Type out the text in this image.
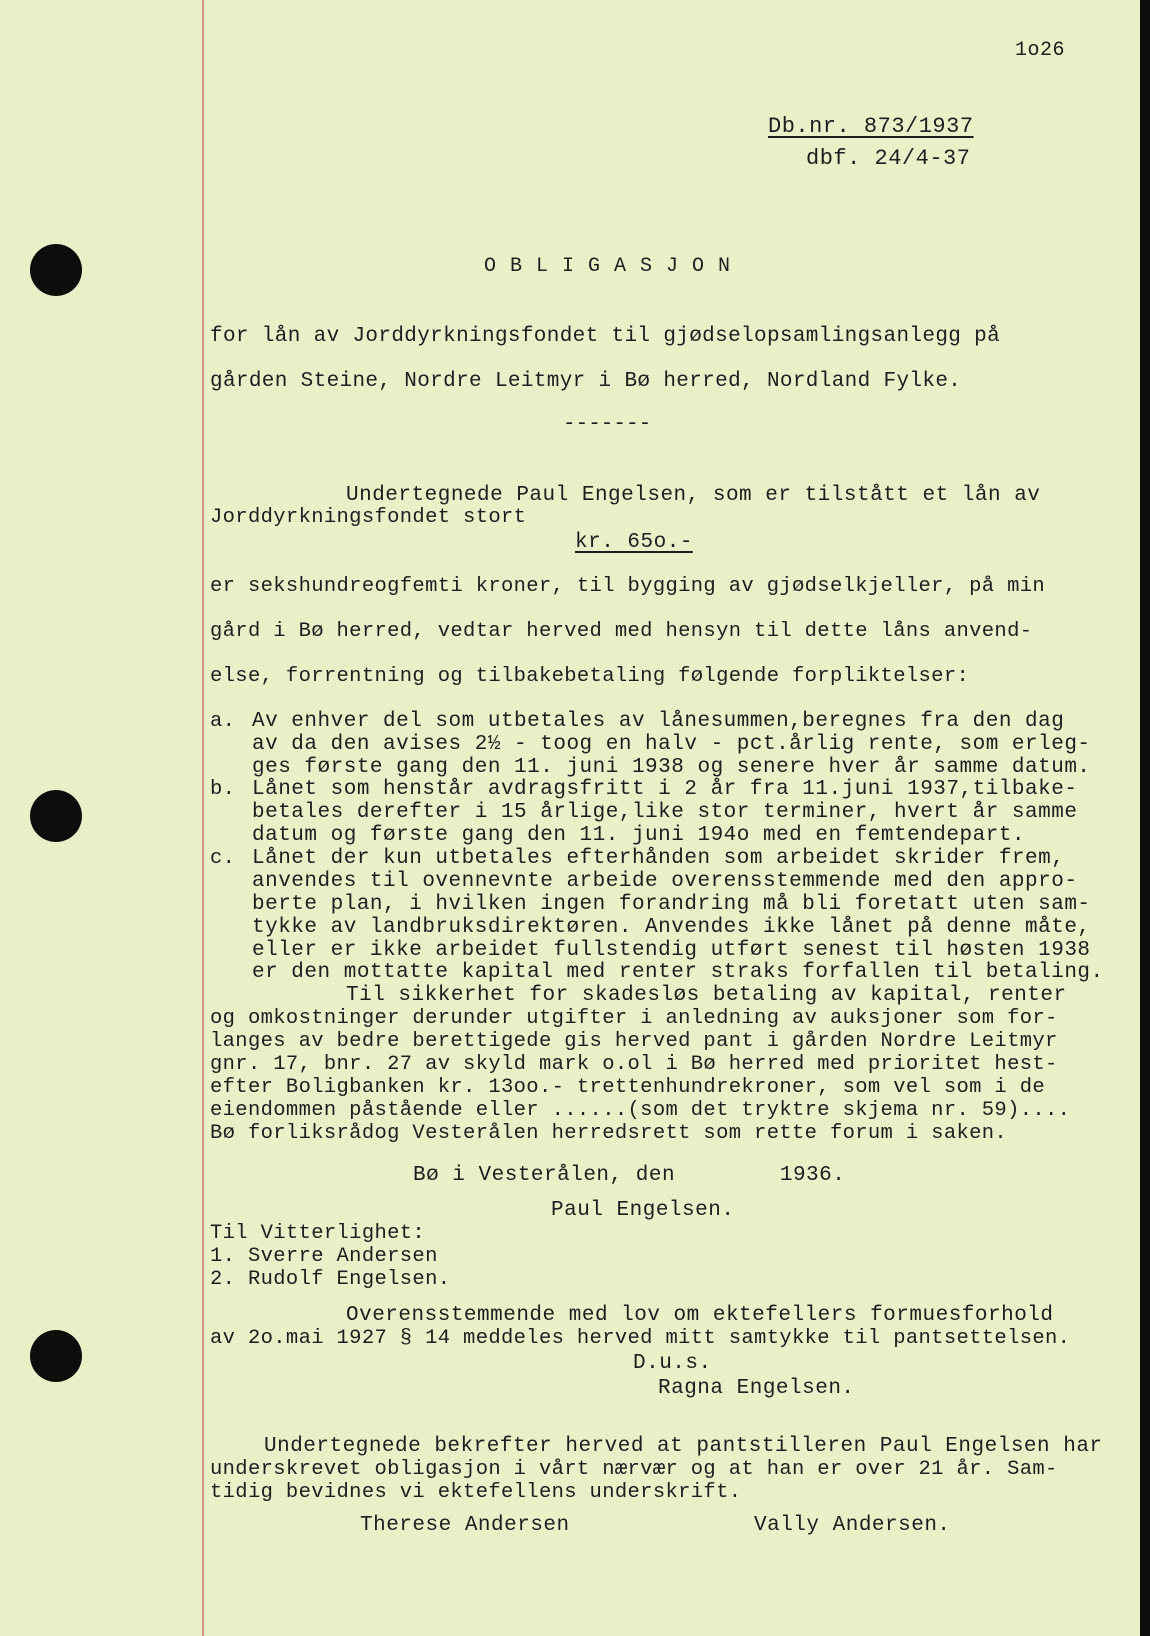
1o26
Db.nr. 873/1937
dbf. 24/4-37
O B L I G A S J O N
for lån av Jorddyrkningsfondet til gjødselopsamlingsanlegg på
gården Steine, Nordre Leitmyr i Bø herred, Nordland Fylke.
-------
Undertegnede Paul Engelsen, som er tilstått et lån av
Jorddyrkningsfondet stort
kr. 65o.-
er sekshundreogfemti kroner, til bygging av gjødselkjeller, på min
gård i Bø herred, vedtar herved med hensyn til dette låns anvend-
else, forrentning og tilbakebetaling følgende forpliktelser:
a. Av enhver del som utbetales av lånesummen,beregnes fra den dag
av da den avises 2½ - toog en halv - pct.årlig rente, som erleg-
ges første gang den 11. juni 1938 og senere hver år samme datum.
b. Lånet som henstår avdragsfritt i 2 år fra 11.juni 1937,tilbake-
betales derefter i 15 årlige,like stor terminer, hvert år samme
datum og første gang den 11. juni 194o med en femtendepart.
c. Lånet der kun utbetales efterhånden som arbeidet skrider frem,
anvendes til ovennevnte arbeide overensstemmende med den appro-
berte plan, i hvilken ingen forandring må bli foretatt uten sam-
tykke av landbruksdirektøren. Anvendes ikke lånet på denne måte,
eller er ikke arbeidet fullstendig utført senest til høsten 1938
er den mottatte kapital med renter straks forfallen til betaling.
Til sikkerhet for skadesløs betaling av kapital, renter
og omkostninger derunder utgifter i anledning av auksjoner som for-
langes av bedre berettigede gis herved pant i gården Nordre Leitmyr
gnr. 17, bnr. 27 av skyld mark o.ol i Bø herred med prioritet hest-
efter Boligbanken kr. 13oo.- trettenhundrekroner, som vel som i de
eiendommen påstående eller ......(som det tryktre skjema nr. 59)....
Bø forliksrådog Vesterålen herredsrett som rette forum i saken.
Bø i Vesterålen, den        1936.
Paul Engelsen.
Til Vitterlighet:
1. Sverre Andersen
2. Rudolf Engelsen.
Overensstemmende med lov om ektefellers formuesforhold
av 2o.mai 1927 § 14 meddeles herved mitt samtykke til pantsettelsen.
D.u.s.
Ragna Engelsen.
Undertegnede bekrefter herved at pantstilleren Paul Engelsen har
underskrevet obligasjon i vårt nærvær og at han er over 21 år. Sam-
tidig bevidnes vi ektefellens underskrift.
Therese Andersen	Vally Andersen.
